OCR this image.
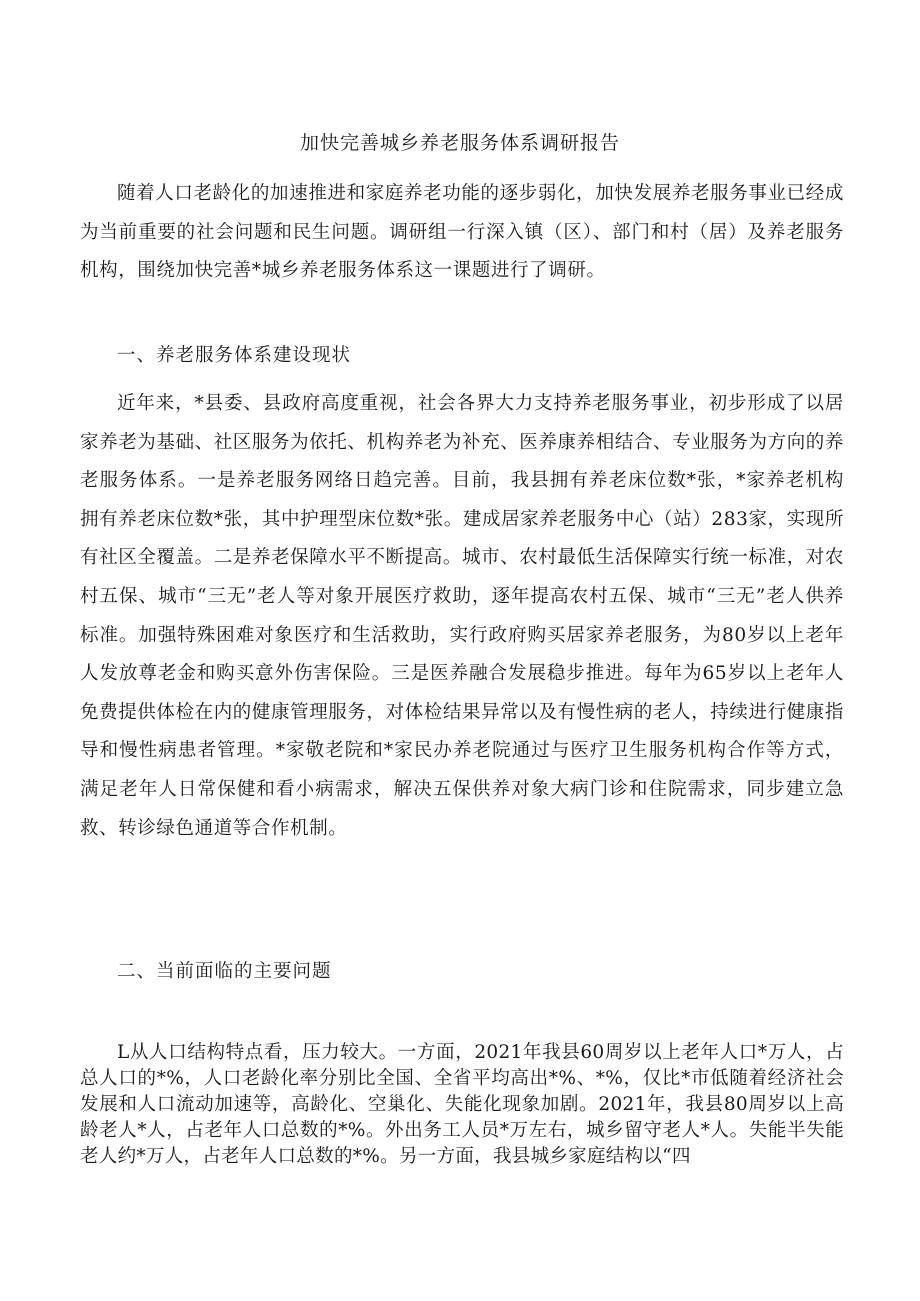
加快完善城乡养老服务体系调研报告

随着人口老龄化的加速推进和家庭养老功能的逐步弱化，加快发展养老服务事业已经成为当前重要的社会问题和民生问题。调研组一行深入镇（区）、部门和村（居）及养老服务机构，围绕加快完善*城乡养老服务体系这一课题进行了调研。

一、养老服务体系建设现状

近年来，*县委、县政府高度重视，社会各界大力支持养老服务事业，初步形成了以居家养老为基础、社区服务为依托、机构养老为补充、医养康养相结合、专业服务为方向的养老服务体系。一是养老服务网络日趋完善。目前，我县拥有养老床位数*张，*家养老机构拥有养老床位数*张，其中护理型床位数*张。建成居家养老服务中心（站）283家，实现所有社区全覆盖。二是养老保障水平不断提高。城市、农村最低生活保障实行统一标准，对农村五保、城市“三无”老人等对象开展医疗救助，逐年提高农村五保、城市“三无”老人供养标准。加强特殊困难对象医疗和生活救助，实行政府购买居家养老服务，为80岁以上老年人发放尊老金和购买意外伤害保险。三是医养融合发展稳步推进。每年为65岁以上老年人免费提供体检在内的健康管理服务，对体检结果异常以及有慢性病的老人，持续进行健康指导和慢性病患者管理。*家敬老院和*家民办养老院通过与医疗卫生服务机构合作等方式，满足老年人日常保健和看小病需求，解决五保供养对象大病门诊和住院需求，同步建立急救、转诊绿色通道等合作机制。

二、当前面临的主要问题

L从人口结构特点看，压力较大。一方面，2021年我县60周岁以上老年人口*万人，占总人口的*%，人口老龄化率分别比全国、全省平均高出*%、*%，仅比*市低随着经济社会发展和人口流动加速等，高龄化、空巢化、失能化现象加剧。2021年，我县80周岁以上高龄老人*人，占老年人口总数的*%。外出务工人员*万左右，城乡留守老人*人。失能半失能老人约*万人，占老年人口总数的*%。另一方面，我县城乡家庭结构以“四
